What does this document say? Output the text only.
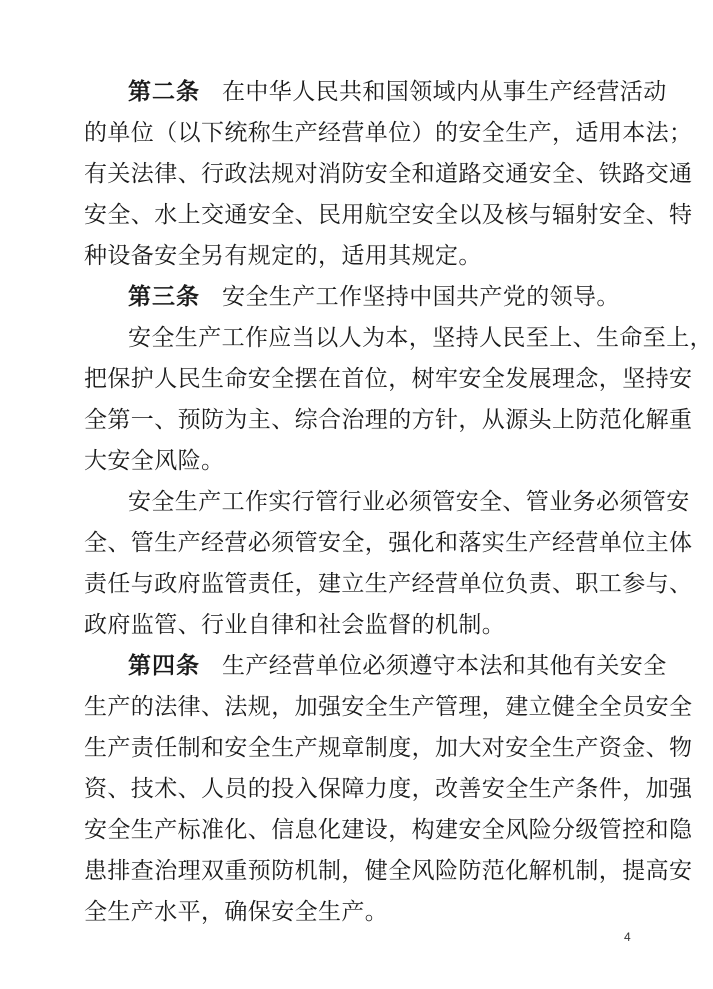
第二条 在中华人民共和国领域内从事生产经营活动
的单位（以下统称生产经营单位）的安全生产，适用本法；
有关法律、行政法规对消防安全和道路交通安全、铁路交通
安全、水上交通安全、民用航空安全以及核与辐射安全、特
种设备安全另有规定的，适用其规定。
第三条 安全生产工作坚持中国共产党的领导。
安全生产工作应当以人为本，坚持人民至上、生命至上，
把保护人民生命安全摆在首位，树牢安全发展理念，坚持安
全第一、预防为主、综合治理的方针，从源头上防范化解重
大安全风险。
安全生产工作实行管行业必须管安全、管业务必须管安
全、管生产经营必须管安全，强化和落实生产经营单位主体
责任与政府监管责任，建立生产经营单位负责、职工参与、
政府监管、行业自律和社会监督的机制。
第四条 生产经营单位必须遵守本法和其他有关安全
生产的法律、法规，加强安全生产管理，建立健全全员安全
生产责任制和安全生产规章制度，加大对安全生产资金、物
资、技术、人员的投入保障力度，改善安全生产条件，加强
安全生产标准化、信息化建设，构建安全风险分级管控和隐
患排查治理双重预防机制，健全风险防范化解机制，提高安
全生产水平，确保安全生产。
4
